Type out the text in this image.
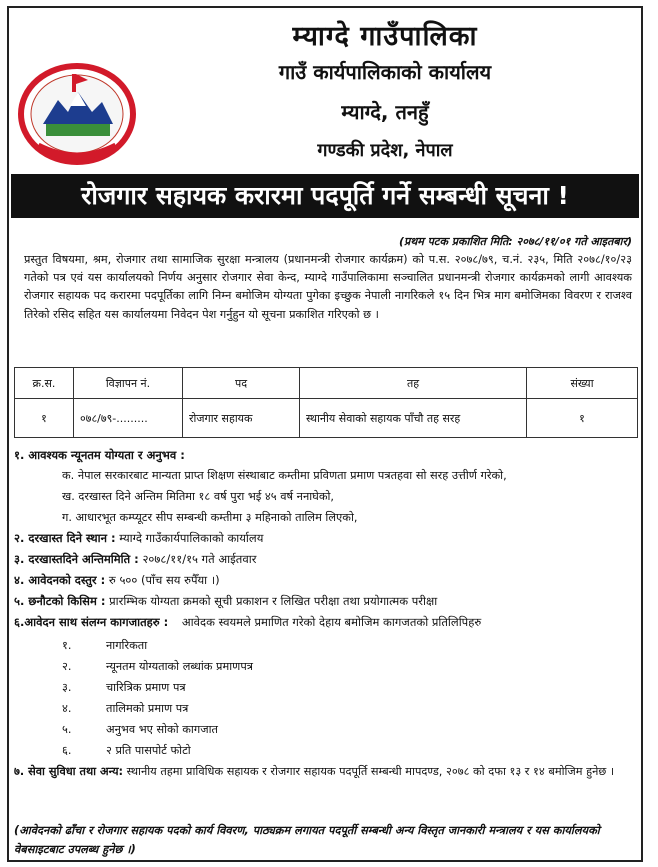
म्याग्दे गाउँपालिका
गाउँ कार्यपालिकाको कार्यालय
म्याग्दे, तनहुँ
गण्डकी प्रदेश, नेपाल
रोजगार सहायक करारमा पदपूर्ति गर्ने सम्बन्धी सूचना !
(प्रथम पटक प्रकाशित मिति: २०७८/११/०१ गते आइतबार)
प्रस्तुत विषयमा, श्रम, रोजगार तथा सामाजिक सुरक्षा मन्त्रालय (प्रधानमन्त्री रोजगार कार्यक्रम) को प.स. २०७८/७९, च.नं. २३५, मिति २०७८/१०/२३ गतेको पत्र एवं यस कार्यालयको निर्णय अनुसार रोजगार सेवा केन्द, म्याग्दे गाउँपालिकामा सञ्चालित प्रधानमन्त्री रोजगार कार्यक्रमको लागी आवश्यक रोजगार सहायक पद करारमा पदपूर्तिका लागि निम्न बमोजिम योग्यता पुगेका इच्छुक नेपाली नागरिकले १५ दिन भित्र माग बमोजिमका विवरण र राजश्व तिरेको रसिद सहित यस कार्यालयमा निवेदन पेश गर्नुहुन यो सूचना प्रकाशित गरिएको छ ।
क्र.स.	विज्ञापन नं.	पद	तह	संख्या
१	०७८/७९-.........	रोजगार सहायक	स्थानीय सेवाको सहायक पाँचौ तह सरह	१
१. आवश्यक न्यूनतम योग्यता र अनुभव :
क. नेपाल सरकारबाट मान्यता प्राप्त शिक्षण संस्थाबाट कम्तीमा प्रविणता प्रमाण पत्रतहवा सो सरह उत्तीर्ण गरेको,
ख. दरखास्त दिने अन्तिम मितिमा १८ वर्ष पुरा भई ४५ वर्ष ननाघेको,
ग. आधारभूत कम्प्यूटर सीप सम्बन्धी कम्तीमा ३ महिनाको तालिम लिएको,
२. दरखास्त दिने स्थान : म्याग्दे गाउँकार्यपालिकाको कार्यालय
३. दरखास्तदिने अन्तिममिति : २०७८/११/१५ गते आईतवार
४. आवेदनको दस्तुर : रु ५०० (पाँच सय रुपैँया ।)
५. छनौटको किसिम : प्रारम्भिक योग्यता क्रमको सूची प्रकाशन र लिखित परीक्षा तथा प्रयोगात्मक परीक्षा
६.आवेदन साथ संलग्न कागजातहरु : आवेदक स्वयमले प्रमाणित गरेको देहाय बमोजिम कागजतको प्रतिलिपिहरु
१.	नागरिकता
२.	न्यूनतम योग्यताको लब्धांक प्रमाणपत्र
३.	चारित्रिक प्रमाण पत्र
४.	तालिमको प्रमाण पत्र
५.	अनुभव भए सोको कागजात
६.	२ प्रति पासपोर्ट फोटो
७. सेवा सुविधा तथा अन्य: स्थानीय तहमा प्राविधिक सहायक र रोजगार सहायक पदपूर्ति सम्बन्धी मापदण्ड, २०७८ को दफा १३ र १४ बमोजिम हुनेछ ।
(आवेदनको ढाँचा र रोजगार सहायक पदको कार्य विवरण, पाठ्यक्रम लगायत पदपूर्ती सम्बन्धी अन्य विस्तृत जानकारी मन्त्रालय र यस कार्यालयको वेबसाइटबाट उपलब्ध हुनेछ ।)
